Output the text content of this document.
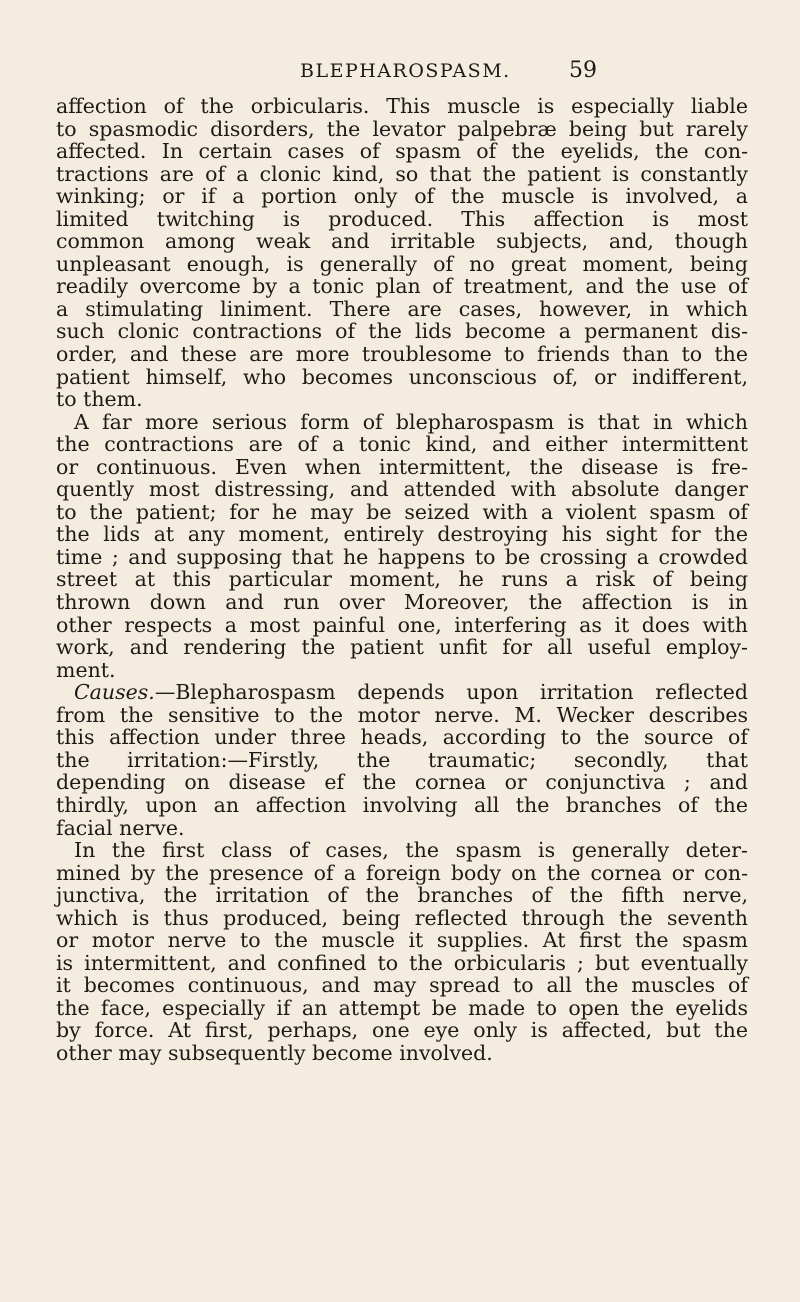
BLEPHAROSPASM.	59
affection of the orbicularis. This muscle is especially liable
to spasmodic disorders, the levator palpebræ being but rarely
affected. In certain cases of spasm of the eyelids, the con-
tractions are of a clonic kind, so that the patient is constantly
winking; or if a portion only of the muscle is involved, a
limited twitching is produced. This affection is most
common among weak and irritable subjects, and, though
unpleasant enough, is generally of no great moment, being
readily overcome by a tonic plan of treatment, and the use of
a stimulating liniment. There are cases, however, in which
such clonic contractions of the lids become a permanent dis-
order, and these are more troublesome to friends than to the
patient himself, who becomes unconscious of, or indifferent,
to them.
A far more serious form of blepharospasm is that in which
the contractions are of a tonic kind, and either intermittent
or continuous. Even when intermittent, the disease is fre-
quently most distressing, and attended with absolute danger
to the patient; for he may be seized with a violent spasm of
the lids at any moment, entirely destroying his sight for the
time ; and supposing that he happens to be crossing a crowded
street at this particular moment, he runs a risk of being
thrown down and run over Moreover, the affection is in
other respects a most painful one, interfering as it does with
work, and rendering the patient unfit for all useful employ-
ment.
Causes.—Blepharospasm depends upon irritation reflected
from the sensitive to the motor nerve. M. Wecker describes
this affection under three heads, according to the source of
the irritation:—Firstly, the traumatic; secondly, that
depending on disease ef the cornea or conjunctiva ; and
thirdly, upon an affection involving all the branches of the
facial nerve.
In the first class of cases, the spasm is generally deter-
mined by the presence of a foreign body on the cornea or con-
junctiva, the irritation of the branches of the fifth nerve,
which is thus produced, being reflected through the seventh
or motor nerve to the muscle it supplies. At first the spasm
is intermittent, and confined to the orbicularis ; but eventually
it becomes continuous, and may spread to all the muscles of
the face, especially if an attempt be made to open the eyelids
by force. At first, perhaps, one eye only is affected, but the
other may subsequently become involved.
